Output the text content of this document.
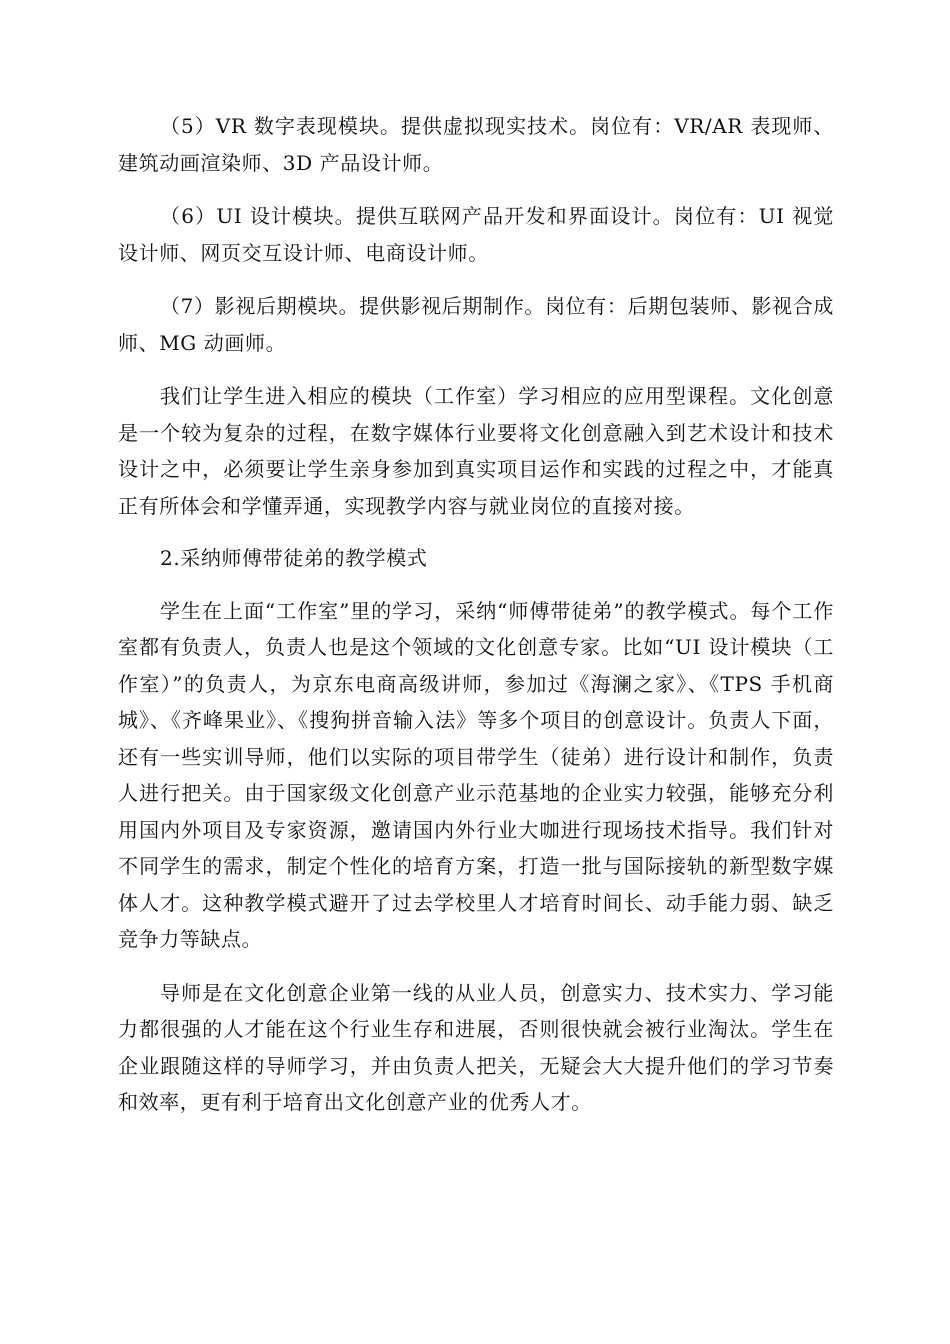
（5）VR 数字表现模块。提供虚拟现实技术。岗位有：VR/AR 表现师、建筑动画渲染师、3D 产品设计师。

（6）UI 设计模块。提供互联网产品开发和界面设计。岗位有：UI 视觉设计师、网页交互设计师、电商设计师。

（7）影视后期模块。提供影视后期制作。岗位有：后期包装师、影视合成师、MG 动画师。

我们让学生进入相应的模块（工作室）学习相应的应用型课程。文化创意是一个较为复杂的过程，在数字媒体行业要将文化创意融入到艺术设计和技术设计之中，必须要让学生亲身参加到真实项目运作和实践的过程之中，才能真正有所体会和学懂弄通，实现教学内容与就业岗位的直接对接。

2.采纳师傅带徒弟的教学模式

学生在上面“工作室”里的学习，采纳“师傅带徒弟”的教学模式。每个工作室都有负责人，负责人也是这个领域的文化创意专家。比如“UI 设计模块（工作室）”的负责人，为京东电商高级讲师，参加过《海澜之家》、《TPS 手机商城》、《齐峰果业》、《搜狗拼音输入法》等多个项目的创意设计。负责人下面，还有一些实训导师，他们以实际的项目带学生（徒弟）进行设计和制作，负责人进行把关。由于国家级文化创意产业示范基地的企业实力较强，能够充分利用国内外项目及专家资源，邀请国内外行业大咖进行现场技术指导。我们针对不同学生的需求，制定个性化的培育方案，打造一批与国际接轨的新型数字媒体人才。这种教学模式避开了过去学校里人才培育时间长、动手能力弱、缺乏竞争力等缺点。

导师是在文化创意企业第一线的从业人员，创意实力、技术实力、学习能力都很强的人才能在这个行业生存和进展，否则很快就会被行业淘汰。学生在企业跟随这样的导师学习，并由负责人把关，无疑会大大提升他们的学习节奏和效率，更有利于培育出文化创意产业的优秀人才。
